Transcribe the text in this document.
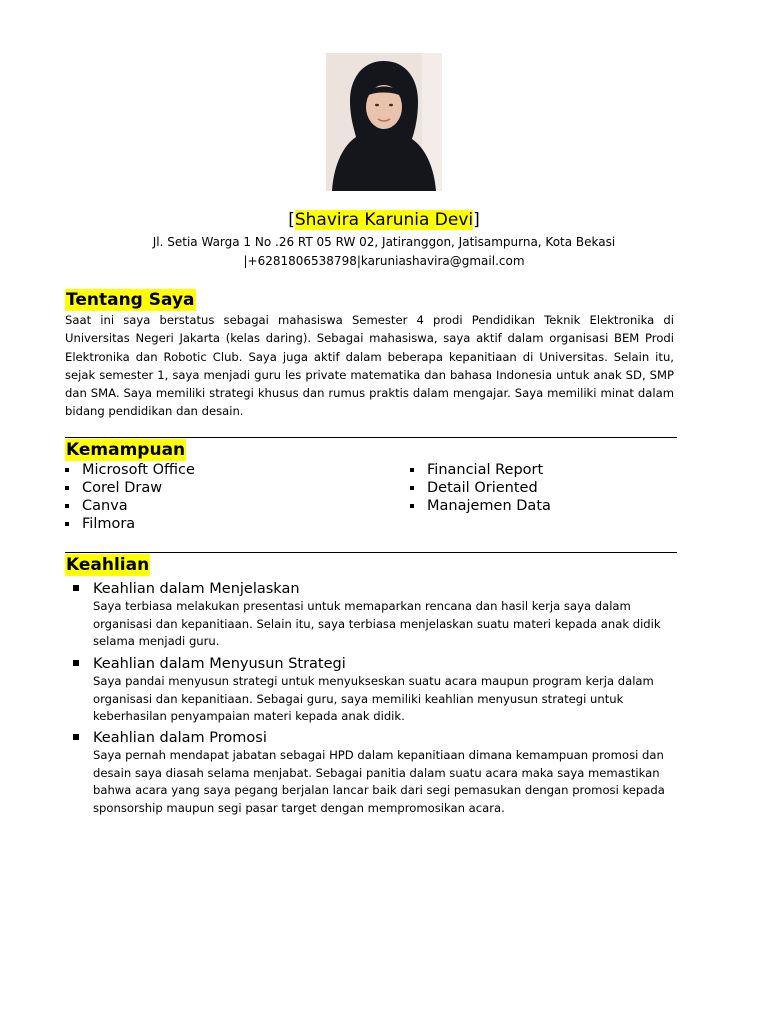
[Shavira Karunia Devi]
Jl. Setia Warga 1 No .26 RT 05 RW 02, Jatiranggon, Jatisampurna, Kota Bekasi
|+6281806538798|karuniashavira@gmail.com
Tentang Saya
Saat ini saya berstatus sebagai mahasiswa Semester 4 prodi Pendidikan Teknik Elektronika di Universitas Negeri Jakarta (kelas daring). Sebagai mahasiswa, saya aktif dalam organisasi BEM Prodi Elektronika dan Robotic Club. Saya juga aktif dalam beberapa kepanitiaan di Universitas. Selain itu, sejak semester 1, saya menjadi guru les private matematika dan bahasa Indonesia untuk anak SD, SMP dan SMA. Saya memiliki strategi khusus dan rumus praktis dalam mengajar. Saya memiliki minat dalam bidang pendidikan dan desain.
Kemampuan
Microsoft Office
Corel Draw
Canva
Filmora
Financial Report
Detail Oriented
Manajemen Data
Keahlian
Keahlian dalam Menjelaskan
Saya terbiasa melakukan presentasi untuk memaparkan rencana dan hasil kerja saya dalam organisasi dan kepanitiaan. Selain itu, saya terbiasa menjelaskan suatu materi kepada anak didik selama menjadi guru.
Keahlian dalam Menyusun Strategi
Saya pandai menyusun strategi untuk menyukseskan suatu acara maupun program kerja dalam organisasi dan kepanitiaan. Sebagai guru, saya memiliki keahlian menyusun strategi untuk keberhasilan penyampaian materi kepada anak didik.
Keahlian dalam Promosi
Saya pernah mendapat jabatan sebagai HPD dalam kepanitiaan dimana kemampuan promosi dan desain saya diasah selama menjabat. Sebagai panitia dalam suatu acara maka saya memastikan bahwa acara yang saya pegang berjalan lancar baik dari segi pemasukan dengan promosi kepada sponsorship maupun segi pasar target dengan mempromosikan acara.
